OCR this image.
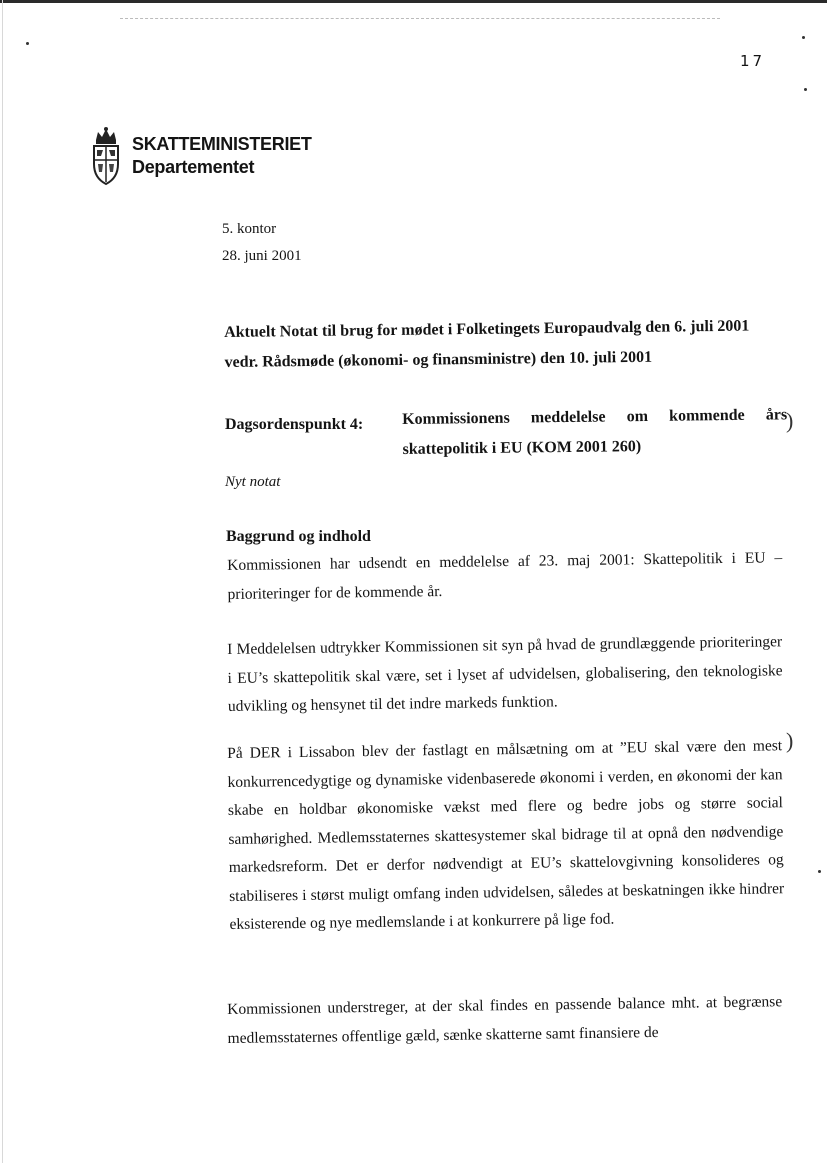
17
SKATTEMINISTERIET
Departementet
5. kontor
28. juni 2001
Aktuelt Notat til brug for mødet i Folketingets Europaudvalg den 6. juli 2001 vedr. Rådsmøde (økonomi- og finansministre) den 10. juli 2001
Dagsordenspunkt 4: Kommissionens meddelelse om kommende års skattepolitik i EU (KOM 2001 260)
)
Nyt notat
Baggrund og indhold
Kommissionen har udsendt en meddelelse af 23. maj 2001: Skattepolitik i EU – prioriteringer for de kommende år.
I Meddelelsen udtrykker Kommissionen sit syn på hvad de grundlæggende prioriteringer i EU’s skattepolitik skal være, set i lyset af udvidelsen, globalisering, den teknologiske udvikling og hensynet til det indre markeds funktion.
På DER i Lissabon blev der fastlagt en målsætning om at ”EU skal være den mest konkurrencedygtige og dynamiske videnbaserede økonomi i verden, en økonomi der kan skabe en holdbar økonomiske vækst med flere og bedre jobs og større social samhørighed. Medlemsstaternes skattesystemer skal bidrage til at opnå den nødvendige markedsreform. Det er derfor nødvendigt at EU’s skattelovgivning konsolideres og stabiliseres i størst muligt omfang inden udvidelsen, således at beskatningen ikke hindrer eksisterende og nye medlemslande i at konkurrere på lige fod.
)
Kommissionen understreger, at der skal findes en passende balance mht. at begrænse medlemsstaternes offentlige gæld, sænke skatterne samt finansiere de
